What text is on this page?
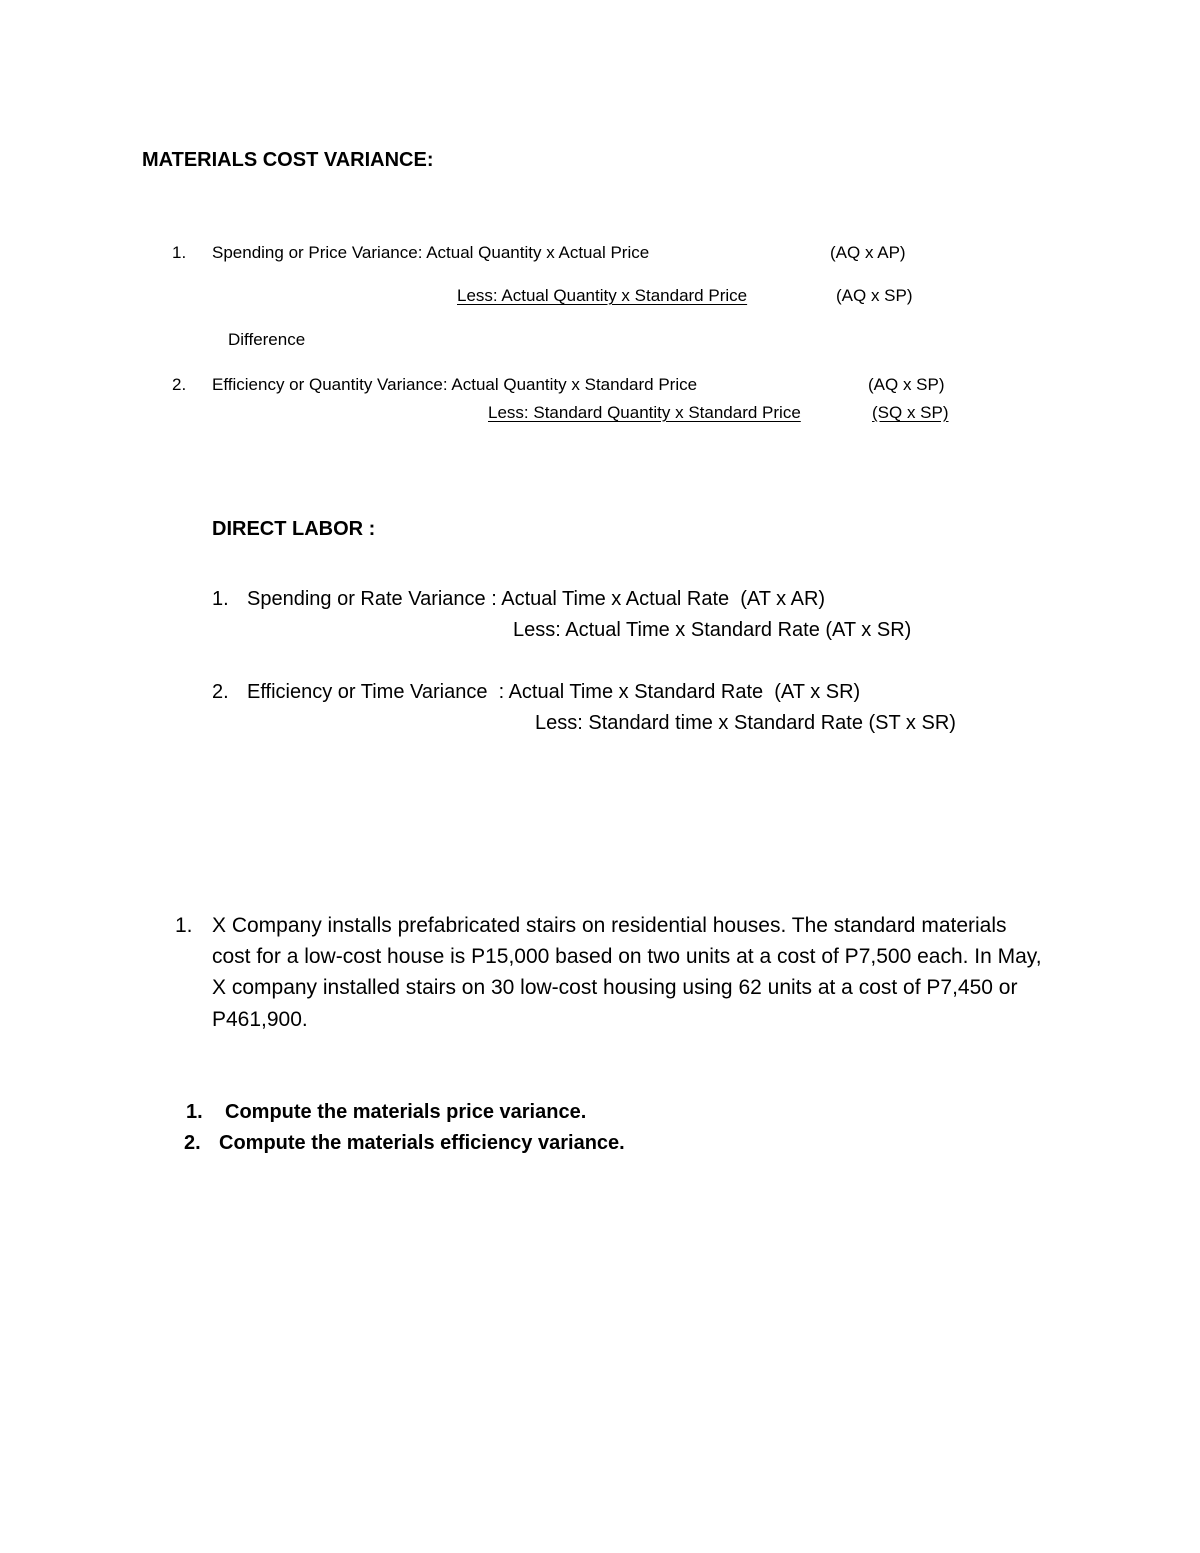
MATERIALS COST VARIANCE:
1. Spending or Price Variance: Actual Quantity x Actual Price	(AQ x AP)
Less: Actual Quantity x Standard Price	(AQ x SP)
Difference
2. Efficiency or Quantity Variance: Actual Quantity x Standard Price	(AQ x SP)
Less: Standard Quantity x Standard Price	(SQ x SP)
DIRECT LABOR :
1. Spending or Rate Variance : Actual Time x Actual Rate  (AT x AR)
Less: Actual Time x Standard Rate (AT x SR)
2. Efficiency or Time Variance  : Actual Time x Standard Rate  (AT x SR)
Less: Standard time x Standard Rate (ST x SR)
1. X Company installs prefabricated stairs on residential houses. The standard materials
cost for a low-cost house is P15,000 based on two units at a cost of P7,500 each. In May,
X company installed stairs on 30 low-cost housing using 62 units at a cost of P7,450 or
P461,900.
1. Compute the materials price variance.
2. Compute the materials efficiency variance.
